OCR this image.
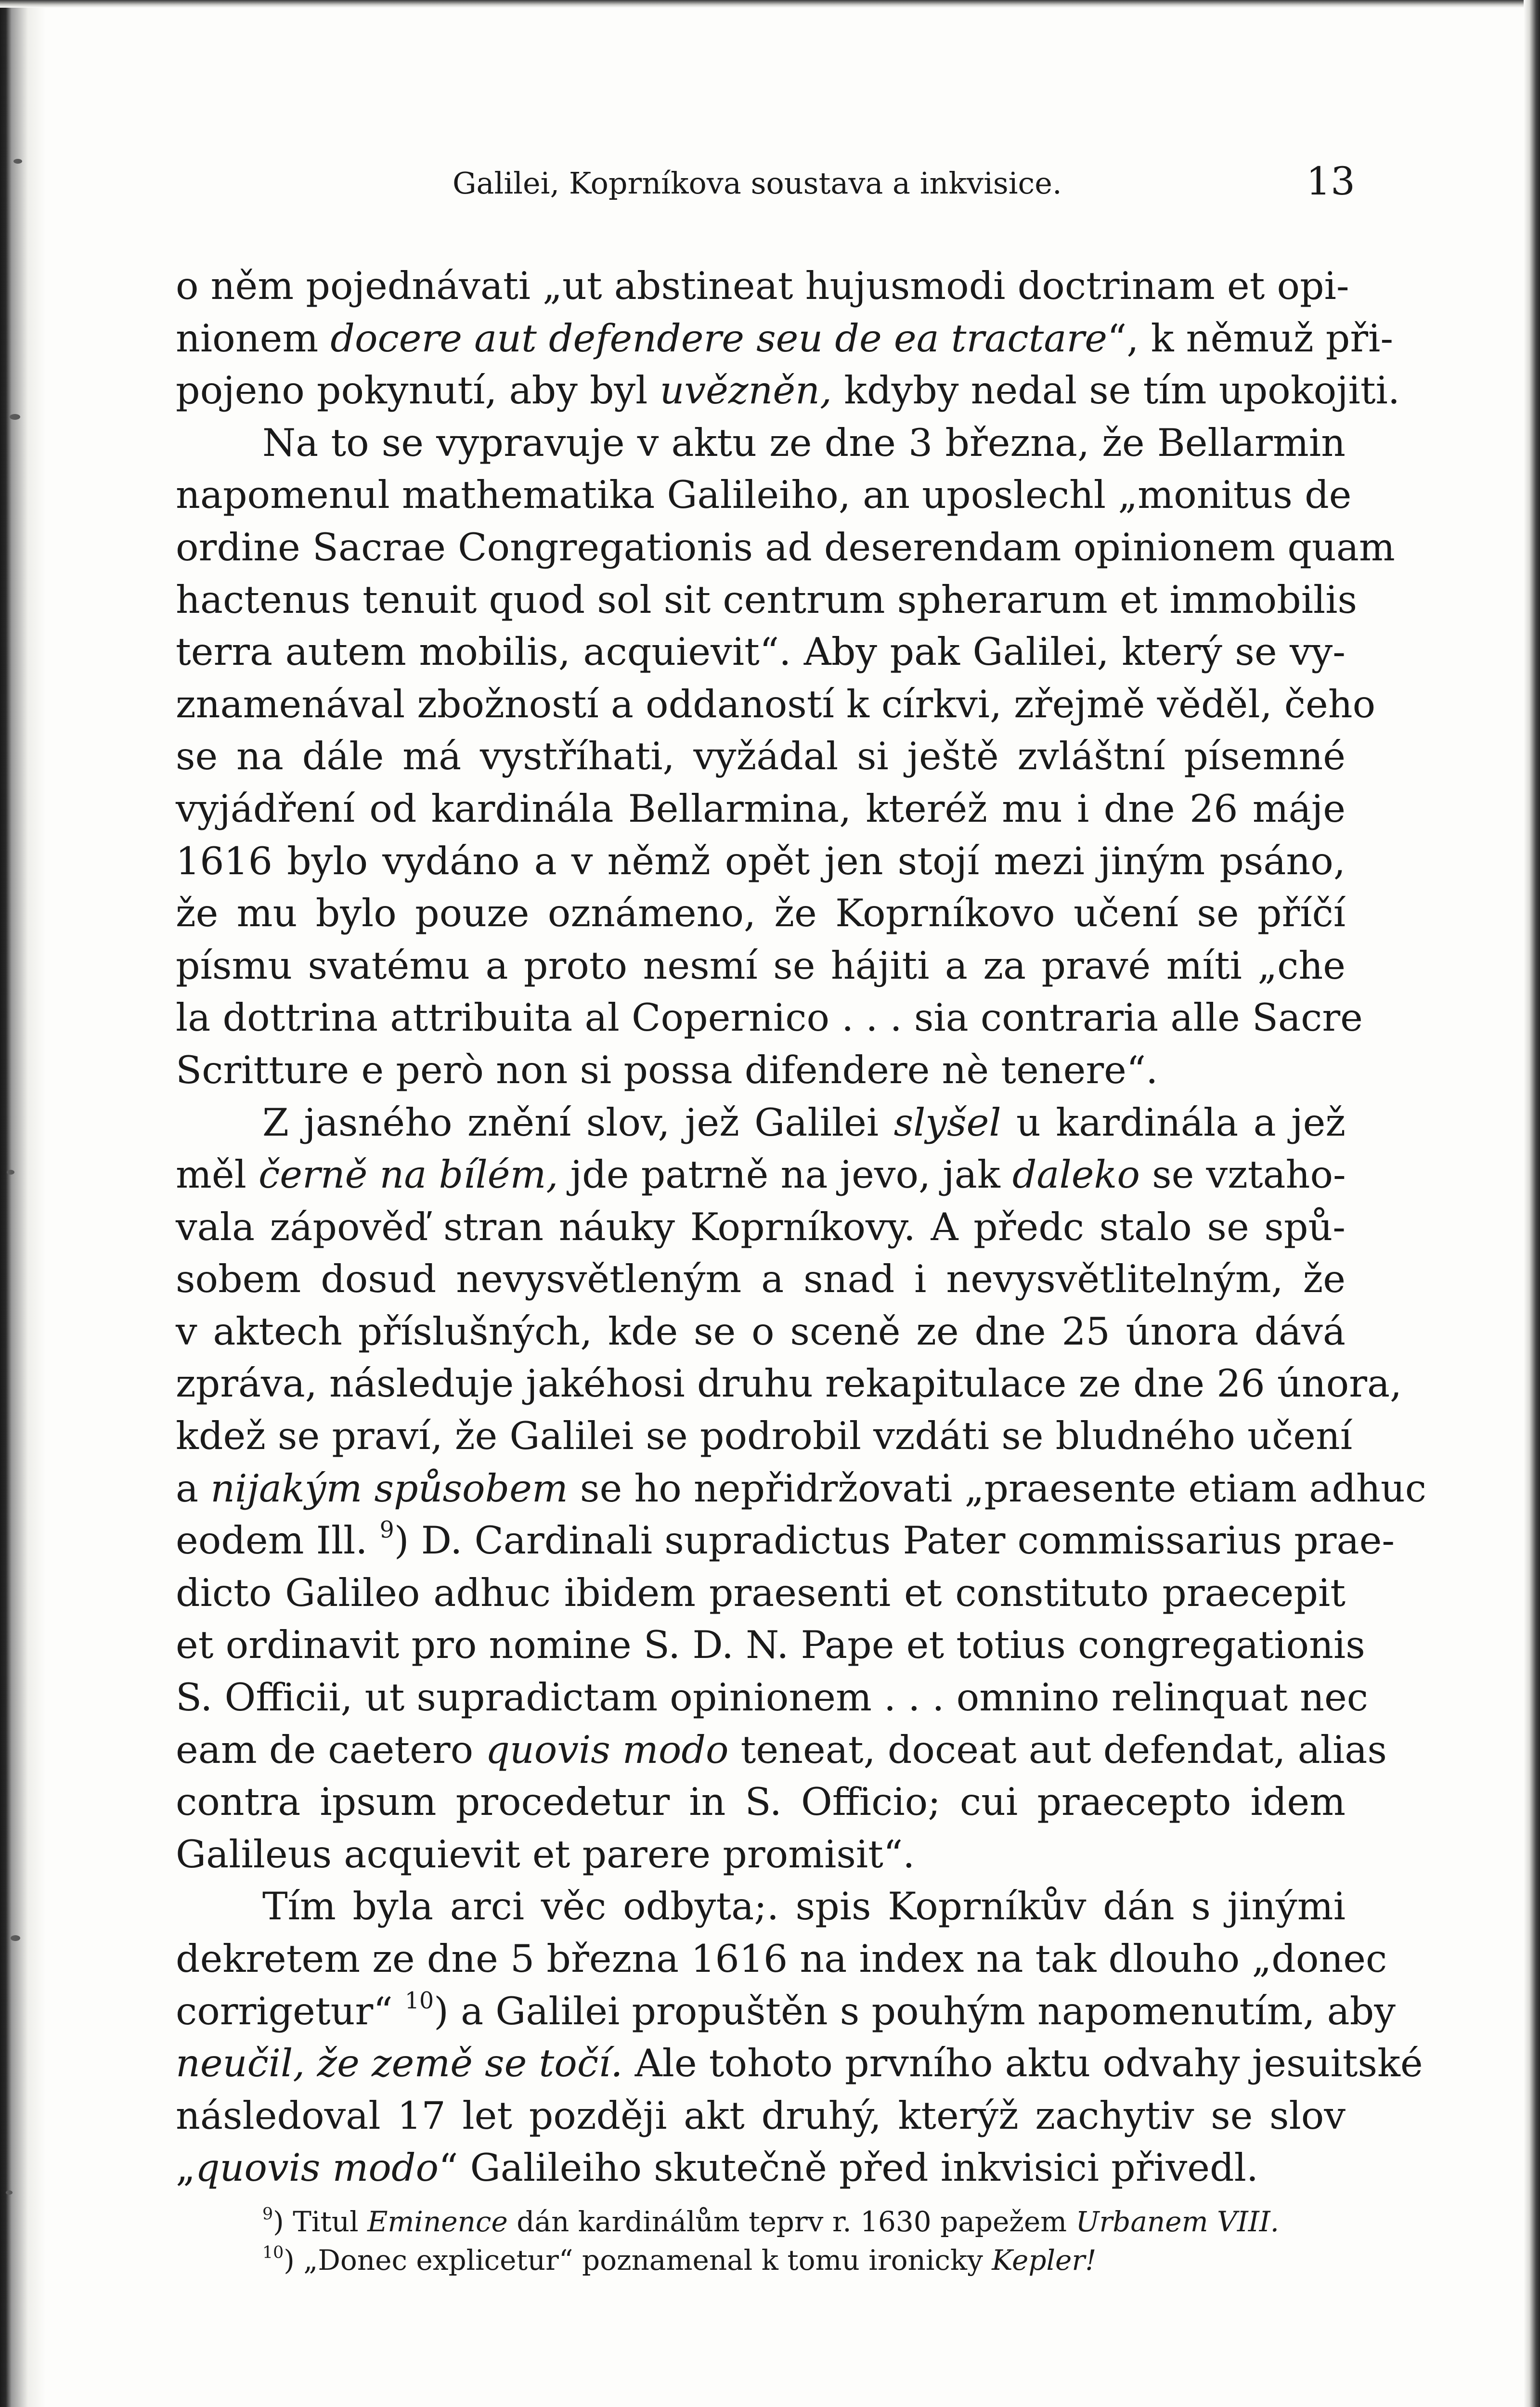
Galilei, Koprníkova soustava a inkvisice.	13
o něm pojednávati „ut abstineat hujusmodi doctrinam et opi-
nionem docere aut defendere seu de ea tractare“, k němuž při-
pojeno pokynutí, aby byl uvězněn, kdyby nedal se tím upokojiti.
Na to se vypravuje v aktu ze dne 3 března, že Bellarmin
napomenul mathematika Galileiho, an uposlechl „monitus de
ordine Sacrae Congregationis ad deserendam opinionem quam
hactenus tenuit quod sol sit centrum spherarum et immobilis
terra autem mobilis, acquievit“. Aby pak Galilei, který se vy-
znamenával zbožností a oddaností k církvi, zřejmě věděl, čeho
se na dále má vystříhati, vyžádal si ještě zvláštní písemné
vyjádření od kardinála Bellarmina, kteréž mu i dne 26 máje
1616 bylo vydáno a v němž opět jen stojí mezi jiným psáno,
že mu bylo pouze oznámeno, že Koprníkovo učení se příčí
písmu svatému a proto nesmí se hájiti a za pravé míti „che
la dottrina attribuita al Copernico . . . sia contraria alle Sacre
Scritture e però non si possa difendere nè tenere“.
Z jasného znění slov, jež Galilei slyšel u kardinála a jež
měl černě na bílém, jde patrně na jevo, jak daleko se vztaho-
vala zápověď stran náuky Koprníkovy. A předc stalo se spů-
sobem dosud nevysvětleným a snad i nevysvětlitelným, že
v aktech příslušných, kde se o sceně ze dne 25 února dává
zpráva, následuje jakéhosi druhu rekapitulace ze dne 26 února,
kdež se praví, že Galilei se podrobil vzdáti se bludného učení
a nijakým spůsobem se ho nepřidržovati „praesente etiam adhuc
eodem Ill. $^9$) D. Cardinali supradictus Pater commissarius prae-
dicto Galileo adhuc ibidem praesenti et constituto praecepit
et ordinavit pro nomine S. D. N. Pape et totius congregationis
S. Officii, ut supradictam opinionem . . . omnino relinquat nec
eam de caetero quovis modo teneat, doceat aut defendat, alias
contra ipsum procedetur in S. Officio; cui praecepto idem
Galileus acquievit et parere promisit“.
Tím byla arci věc odbyta;. spis Koprníkův dán s jinými
dekretem ze dne 5 března 1616 na index na tak dlouho „donec
corrigetur“ $^{10}$) a Galilei propuštěn s pouhým napomenutím, aby
neučil, že země se točí. Ale tohoto prvního aktu odvahy jesuitské
následoval 17 let později akt druhý, kterýž zachytiv se slov
„quovis modo“ Galileiho skutečně před inkvisici přivedl.
$^9$) Titul Eminence dán kardinálům teprv r. 1630 papežem Urbanem VIII.
$^{10}$) „Donec explicetur“ poznamenal k tomu ironicky Kepler!
